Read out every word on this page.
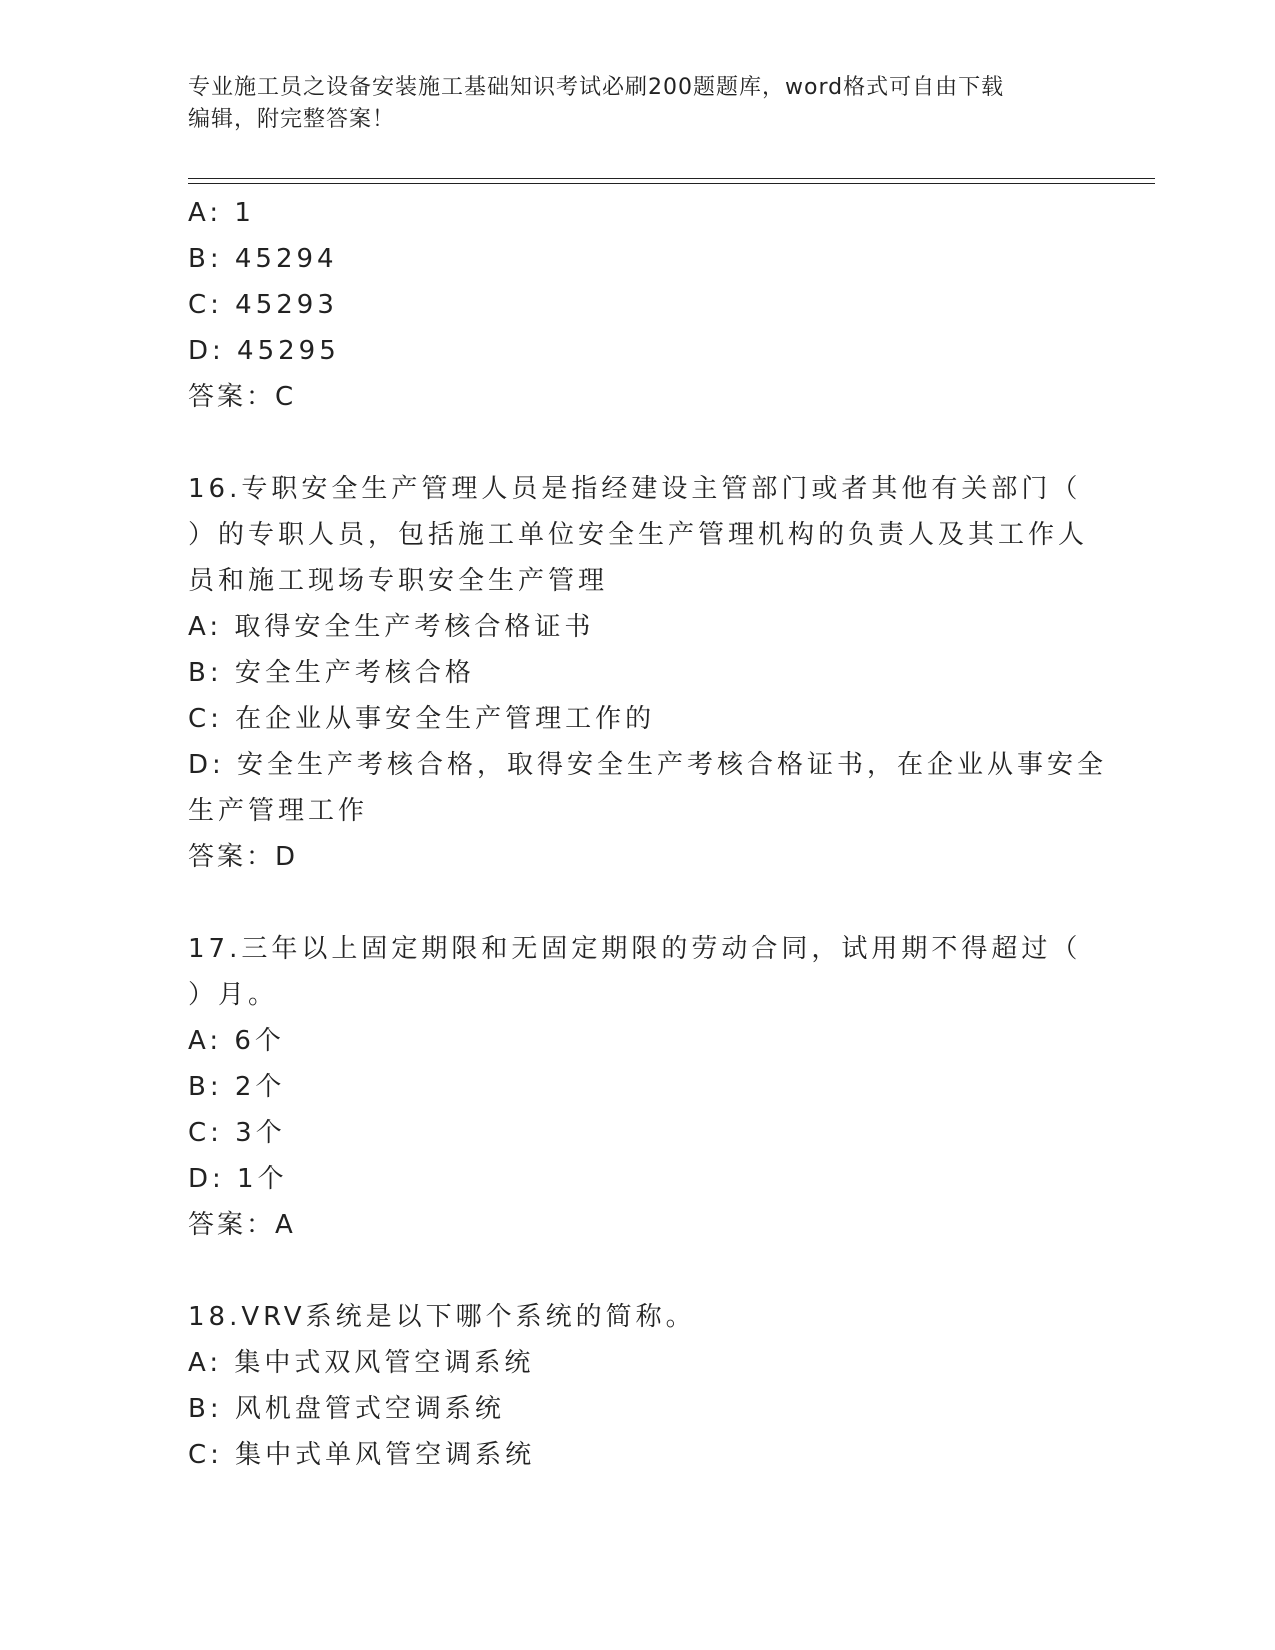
专业施工员之设备安装施工基础知识考试必刷200题题库，word格式可自由下载
编辑，附完整答案！
A: 1
B: 45294
C: 45293
D: 45295
答案：C
16.专职安全生产管理人员是指经建设主管部门或者其他有关部门（
）的专职人员，包括施工单位安全生产管理机构的负责人及其工作人
员和施工现场专职安全生产管理
A: 取得安全生产考核合格证书
B: 安全生产考核合格
C: 在企业从事安全生产管理工作的
D: 安全生产考核合格，取得安全生产考核合格证书，在企业从事安全
生产管理工作
答案：D
17.三年以上固定期限和无固定期限的劳动合同，试用期不得超过（
）月。
A: 6个
B: 2个
C: 3个
D: 1个
答案：A
18.VRV系统是以下哪个系统的简称。
A: 集中式双风管空调系统
B: 风机盘管式空调系统
C: 集中式单风管空调系统
